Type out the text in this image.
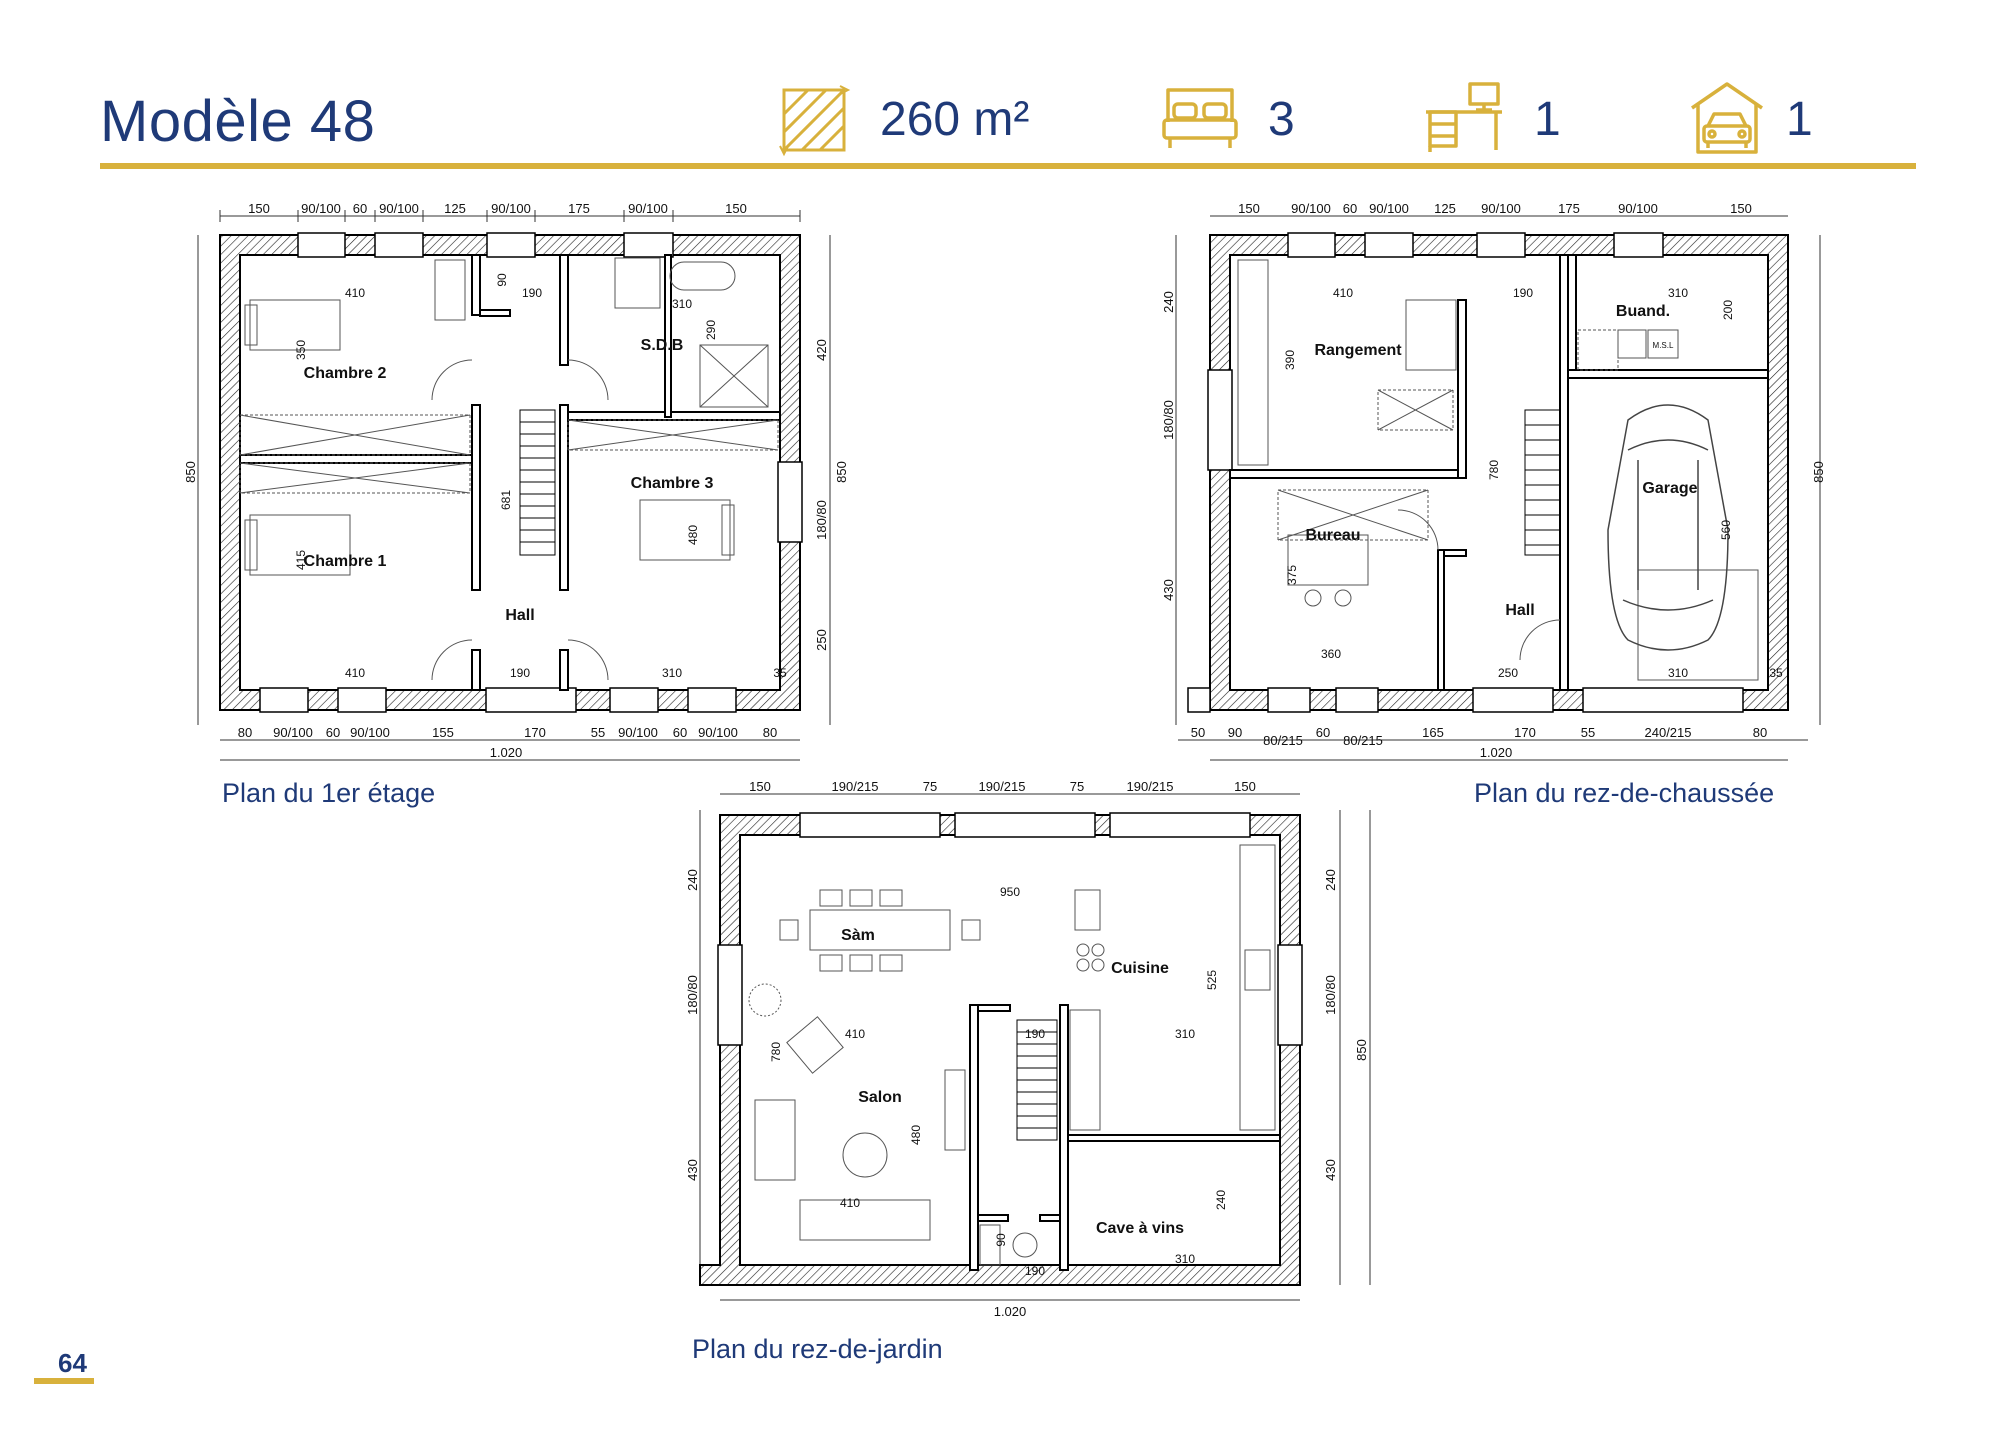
Modèle 48	260 m²	3	1	1
150 90/100 60 90/100 125 90/100	175	90/100	150
80 90/100 60 90/100	155	170	55 90/100 60 90/100 80
1.020
850
420
180/80
250
850
Chambre 2
Chambre 1
Chambre 3
S.D.B
Hall
410	190
310
90
350
290
681
415
480
410	190	310	35
Plan du 1er étage
150 90/100 60 90/100 125 90/100	175	90/100	150
50 90
80/215
60
80/215
165	170	55	240/215	80
1.020
240
180/80
430
850
Rangement
Bureau
Hall
Buand.
Garage
410	190	310
390
200
780
375
360
560
250	310	35
M.S.L
Plan du rez-de-chaussée
150	190/215	75	190/215	75	190/215	150
1.020
240
180/80
430
240
180/80
430
850
Sàm
Cuisine
Salon
Cave à vins
950
525
410	190	310
780
480
410
90
190
240
310
Plan du rez-de-jardin
64
